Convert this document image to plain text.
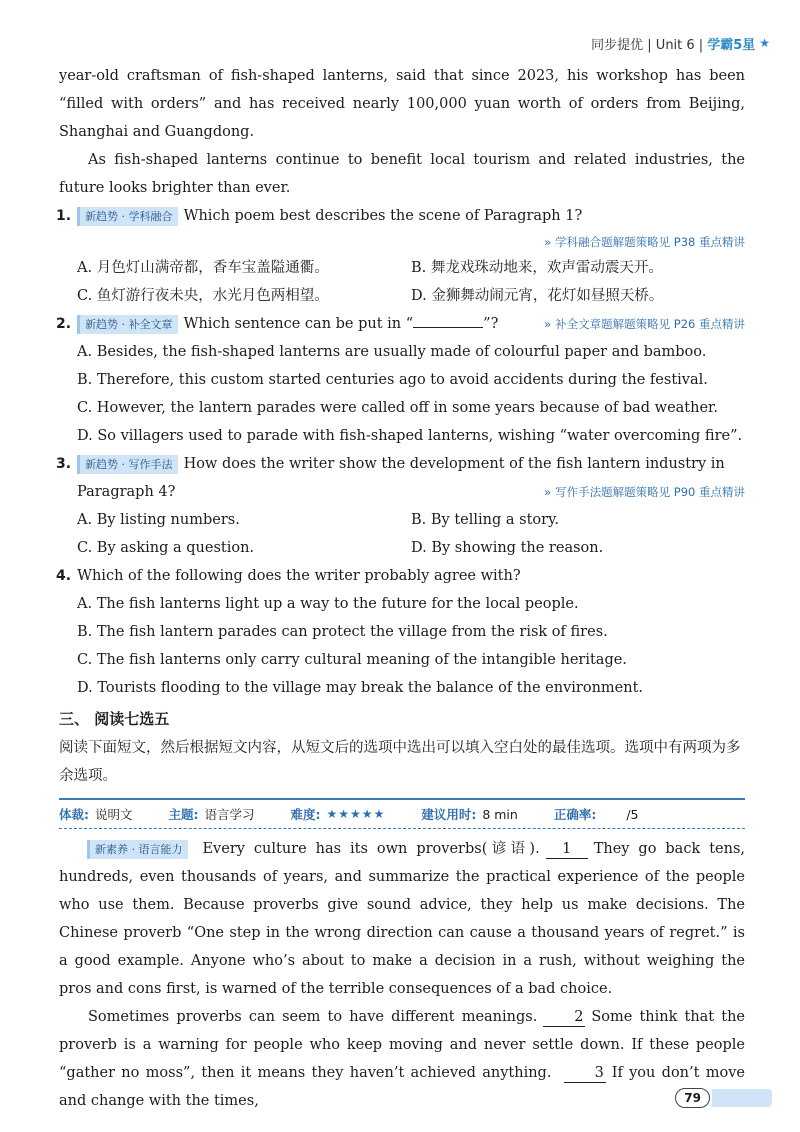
同步提优 | Unit 6 | 学霸5星 ★

year-old craftsman of fish-shaped lanterns, said that since 2023, his workshop has been “filled with orders” and has received nearly 100,000 yuan worth of orders from Beijing, Shanghai and Guangdong.

As fish-shaped lanterns continue to benefit local tourism and related industries, the future looks brighter than ever.

1.	新趋势 · 学科融合 Which poem best describes the scene of Paragraph 1?
» 学科融合题解题策略见 P38 重点精讲
A. 月色灯山满帝都，香车宝盖隘通衢。	B. 舞龙戏珠动地来，欢声雷动震天开。
C. 鱼灯游行夜未央，水光月色两相望。	D. 金狮舞动闹元宵，花灯如昼照天桥。
2.	新趋势 · 补全文章 Which sentence can be put in “	”?	» 补全文章题解题策略见 P26 重点精讲
A. Besides, the fish-shaped lanterns are usually made of colourful paper and bamboo.
B. Therefore, this custom started centuries ago to avoid accidents during the festival.
C. However, the lantern parades were called off in some years because of bad weather.
D. So villagers used to parade with fish-shaped lanterns, wishing “water overcoming fire”.
3.	新趋势 · 写作手法 How does the writer show the development of the fish lantern industry in
Paragraph 4?	» 写作手法题解题策略见 P90 重点精讲
A. By listing numbers.	B. By telling a story.
C. By asking a question.	D. By showing the reason.
4. Which of the following does the writer probably agree with?
A. The fish lanterns light up a way to the future for the local people.
B. The fish lantern parades can protect the village from the risk of fires.
C. The fish lanterns only carry cultural meaning of the intangible heritage.
D. Tourists flooding to the village may break the balance of the environment.
三、 阅读七选五
阅读下面短文，然后根据短文内容，从短文后的选项中选出可以填入空白处的最佳选项。选项中有两项为多余选项。
体裁: 说明文	主题: 语言学习	难度: ★★★★★	建议用时: 8 min	正确率: /5

新素养 · 语言能力 Every culture has its own proverbs(谚语). 1 They go back tens, hundreds, even thousands of years, and summarize the practical experience of the people who use them. Because proverbs give sound advice, they help us make decisions. The Chinese proverb “One step in the wrong direction can cause a thousand years of regret.” is a good example. Anyone who’s about to make a decision in a rush, without weighing the pros and cons first, is warned of the terrible consequences of a bad choice.

Sometimes proverbs can seem to have different meanings.	2 Some think that the proverb is a warning for people who keep moving and never settle down. If these people “gather no moss”, then it means they haven’t achieved anything.	3 If you don’t move and change with the times,	79
